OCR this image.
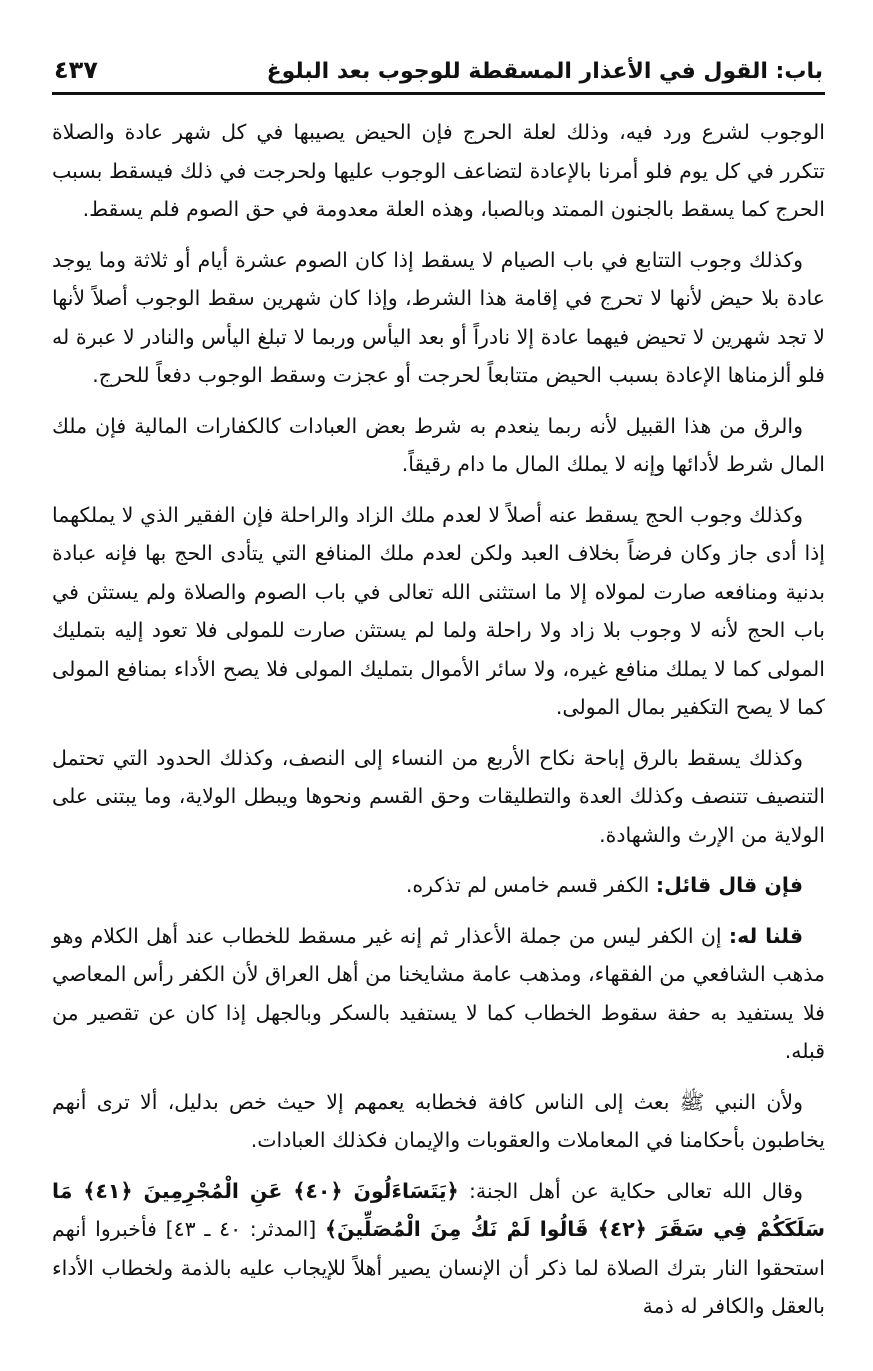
باب: القول في الأعذار المسقطة للوجوب بعد البلوغ
٤٣٧

الوجوب لشرع ورد فيه، وذلك لعلة الحرج فإن الحيض يصيبها في كل شهر عادة والصلاة تتكرر في كل يوم فلو أمرنا بالإعادة لتضاعف الوجوب عليها ولحرجت في ذلك فيسقط بسبب الحرج كما يسقط بالجنون الممتد وبالصبا، وهذه العلة معدومة في حق الصوم فلم يسقط.

وكذلك وجوب التتابع في باب الصيام لا يسقط إذا كان الصوم عشرة أيام أو ثلاثة وما يوجد عادة بلا حيض لأنها لا تحرج في إقامة هذا الشرط، وإذا كان شهرين سقط الوجوب أصلاً لأنها لا تجد شهرين لا تحيض فيهما عادة إلا نادراً أو بعد اليأس وربما لا تبلغ اليأس والنادر لا عبرة له فلو ألزمناها الإعادة بسبب الحيض متتابعاً لحرجت أو عجزت وسقط الوجوب دفعاً للحرج.

والرق من هذا القبيل لأنه ربما ينعدم به شرط بعض العبادات كالكفارات المالية فإن ملك المال شرط لأدائها وإنه لا يملك المال ما دام رقيقاً.

وكذلك وجوب الحج يسقط عنه أصلاً لا لعدم ملك الزاد والراحلة فإن الفقير الذي لا يملكهما إذا أدى جاز وكان فرضاً بخلاف العبد ولكن لعدم ملك المنافع التي يتأدى الحج بها فإنه عبادة بدنية ومنافعه صارت لمولاه إلا ما استثنى الله تعالى في باب الصوم والصلاة ولم يستثن في باب الحج لأنه لا وجوب بلا زاد ولا راحلة ولما لم يستثن صارت للمولى فلا تعود إليه بتمليك المولى كما لا يملك منافع غيره، ولا سائر الأموال بتمليك المولى فلا يصح الأداء بمنافع المولى كما لا يصح التكفير بمال المولى.

وكذلك يسقط بالرق إباحة نكاح الأربع من النساء إلى النصف، وكذلك الحدود التي تحتمل التنصيف تتنصف وكذلك العدة والتطليقات وحق القسم ونحوها ويبطل الولاية، وما يبتنى على الولاية من الإرث والشهادة.

فإن قال قائل: الكفر قسم خامس لم تذكره.

قلنا له: إن الكفر ليس من جملة الأعذار ثم إنه غير مسقط للخطاب عند أهل الكلام وهو مذهب الشافعي من الفقهاء، ومذهب عامة مشايخنا من أهل العراق لأن الكفر رأس المعاصي فلا يستفيد به حفة سقوط الخطاب كما لا يستفيد بالسكر وبالجهل إذا كان عن تقصير من قبله.

ولأن النبي ﷺ بعث إلى الناس كافة فخطابه يعمهم إلا حيث خص بدليل، ألا ترى أنهم يخاطبون بأحكامنا في المعاملات والعقوبات والإيمان فكذلك العبادات.

وقال الله تعالى حكاية عن أهل الجنة: ﴿يَتَسَاءَلُونَ ﴿٤٠﴾ عَنِ الْمُجْرِمِينَ ﴿٤١﴾ مَا سَلَكَكُمْ فِي سَقَرَ ﴿٤٢﴾ قَالُوا لَمْ نَكُ مِنَ الْمُصَلِّينَ﴾ [المدثر: ٤٠ ـ ٤٣] فأخبروا أنهم استحقوا النار بترك الصلاة لما ذكر أن الإنسان يصير أهلاً للإيجاب عليه بالذمة ولخطاب الأداء بالعقل والكافر له ذمة
